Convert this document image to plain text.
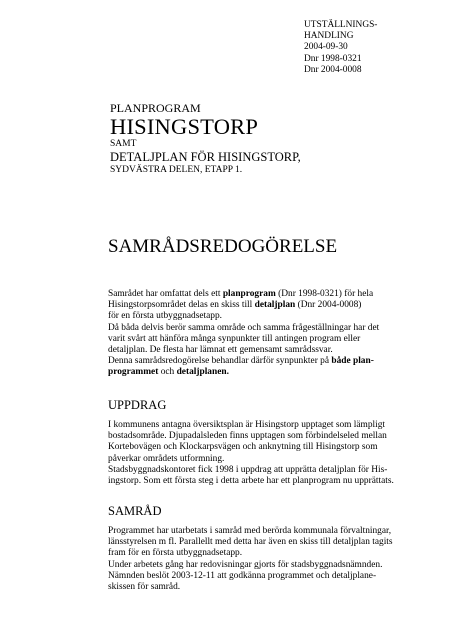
UTSTÄLLNINGS-
HANDLING
2004-09-30
Dnr 1998-0321
Dnr 2004-0008
PLANPROGRAM
HISINGSTORP
SAMT
DETALJPLAN FÖR HISINGSTORP,
SYDVÄSTRA DELEN, ETAPP 1.
SAMRÅDSREDOGÖRELSE
Samrådet har omfattat dels ett planprogram (Dnr 1998-0321) för hela
Hisingstorpsområdet delas en skiss till detaljplan (Dnr 2004-0008)
för en första utbyggnadsetapp.
Då båda delvis berör samma område och samma frågeställningar har det
varit svårt att hänföra många synpunkter till antingen program eller
detaljplan. De flesta har lämnat ett gemensamt samrådssvar.
Denna samrådsredogörelse behandlar därför synpunkter på både plan-
programmet och detaljplanen.
UPPDRAG
I kommunens antagna översiktsplan är Hisingstorp upptaget som lämpligt
bostadsområde. Djupadalsleden finns upptagen som förbindelseled mellan
Kortebovägen och Klockarpsvägen och anknytning till Hisingstorp som
påverkar områdets utformning.
Stadsbyggnadskontoret fick 1998 i uppdrag att upprätta detaljplan för His-
ingstorp. Som ett första steg i detta arbete har ett planprogram nu upprättats.
SAMRÅD
Programmet har utarbetats i samråd med berörda kommunala förvaltningar,
länsstyrelsen m fl. Parallellt med detta har även en skiss till detaljplan tagits
fram för en första utbyggnadsetapp.
Under arbetets gång har redovisningar gjorts för stadsbyggnadsnämnden.
Nämnden beslöt 2003-12-11 att godkänna programmet och detaljplane-
skissen för samråd.
